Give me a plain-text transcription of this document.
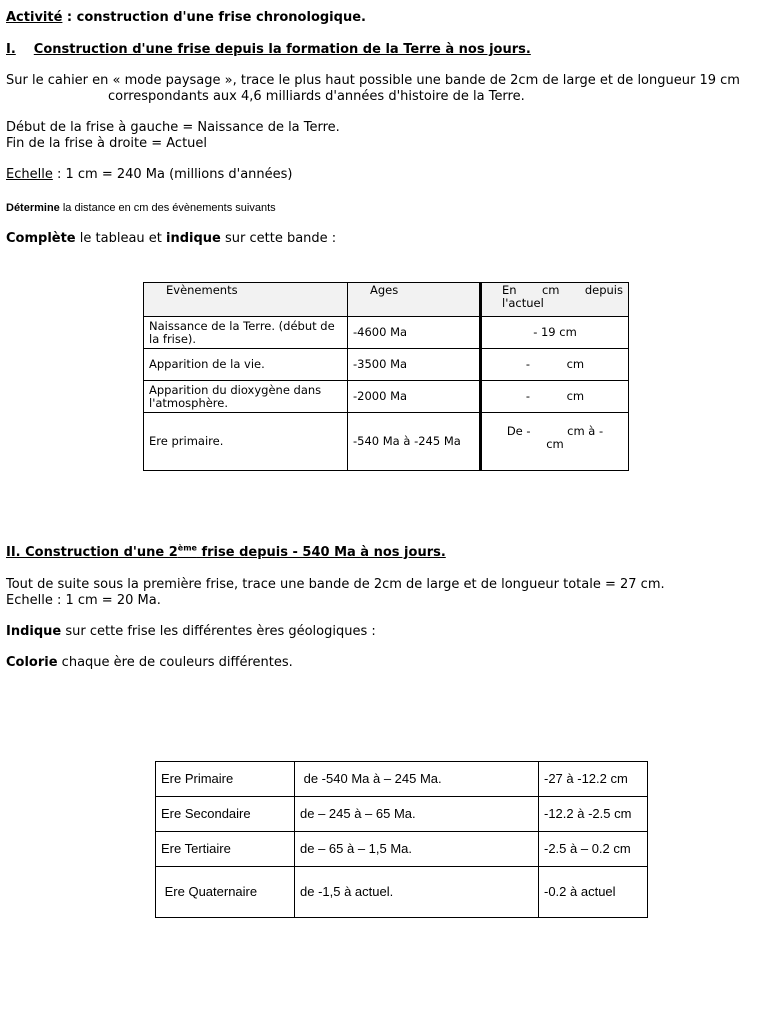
Activité : construction d'une frise chronologique.
I. Construction d'une frise depuis la formation de la Terre à nos jours.
Sur le cahier en « mode paysage », trace le plus haut possible une bande de 2cm de large et de longueur 19 cm
correspondants aux 4,6 milliards d'années d'histoire de la Terre.
Début de la frise à gauche = Naissance de la Terre.
Fin de la frise à droite = Actuel
Echelle : 1 cm = 240 Ma (millions d'années)
Détermine la distance en cm des évènements suivants
Complète le tableau et indique sur cette bande :
Evènements	Ages	En cm depuis
l'actuel

Naissance de la Terre. (début de la frise).	-4600 Ma	- 19 cm
Apparition de la vie.	-3500 Ma	-          cm
Apparition du dioxygène dans l'atmosphère.	-2000 Ma	-          cm
Ere primaire.	-540 Ma à -245 Ma	De -          cm à -
cm
II. Construction d'une 2ème frise depuis - 540 Ma à nos jours.
Tout de suite sous la première frise, trace une bande de 2cm de large et de longueur totale = 27 cm.
Echelle : 1 cm = 20 Ma.
Indique sur cette frise les différentes ères géologiques :
Colorie chaque ère de couleurs différentes.
Ere Primaire	de -540 Ma à – 245 Ma.	-27 à -12.2 cm
Ere Secondaire	de – 245 à – 65 Ma.	-12.2 à -2.5 cm
Ere Tertiaire	de – 65 à – 1,5 Ma.	-2.5 à – 0.2 cm
Ere Quaternaire	de -1,5 à actuel.	-0.2 à actuel
